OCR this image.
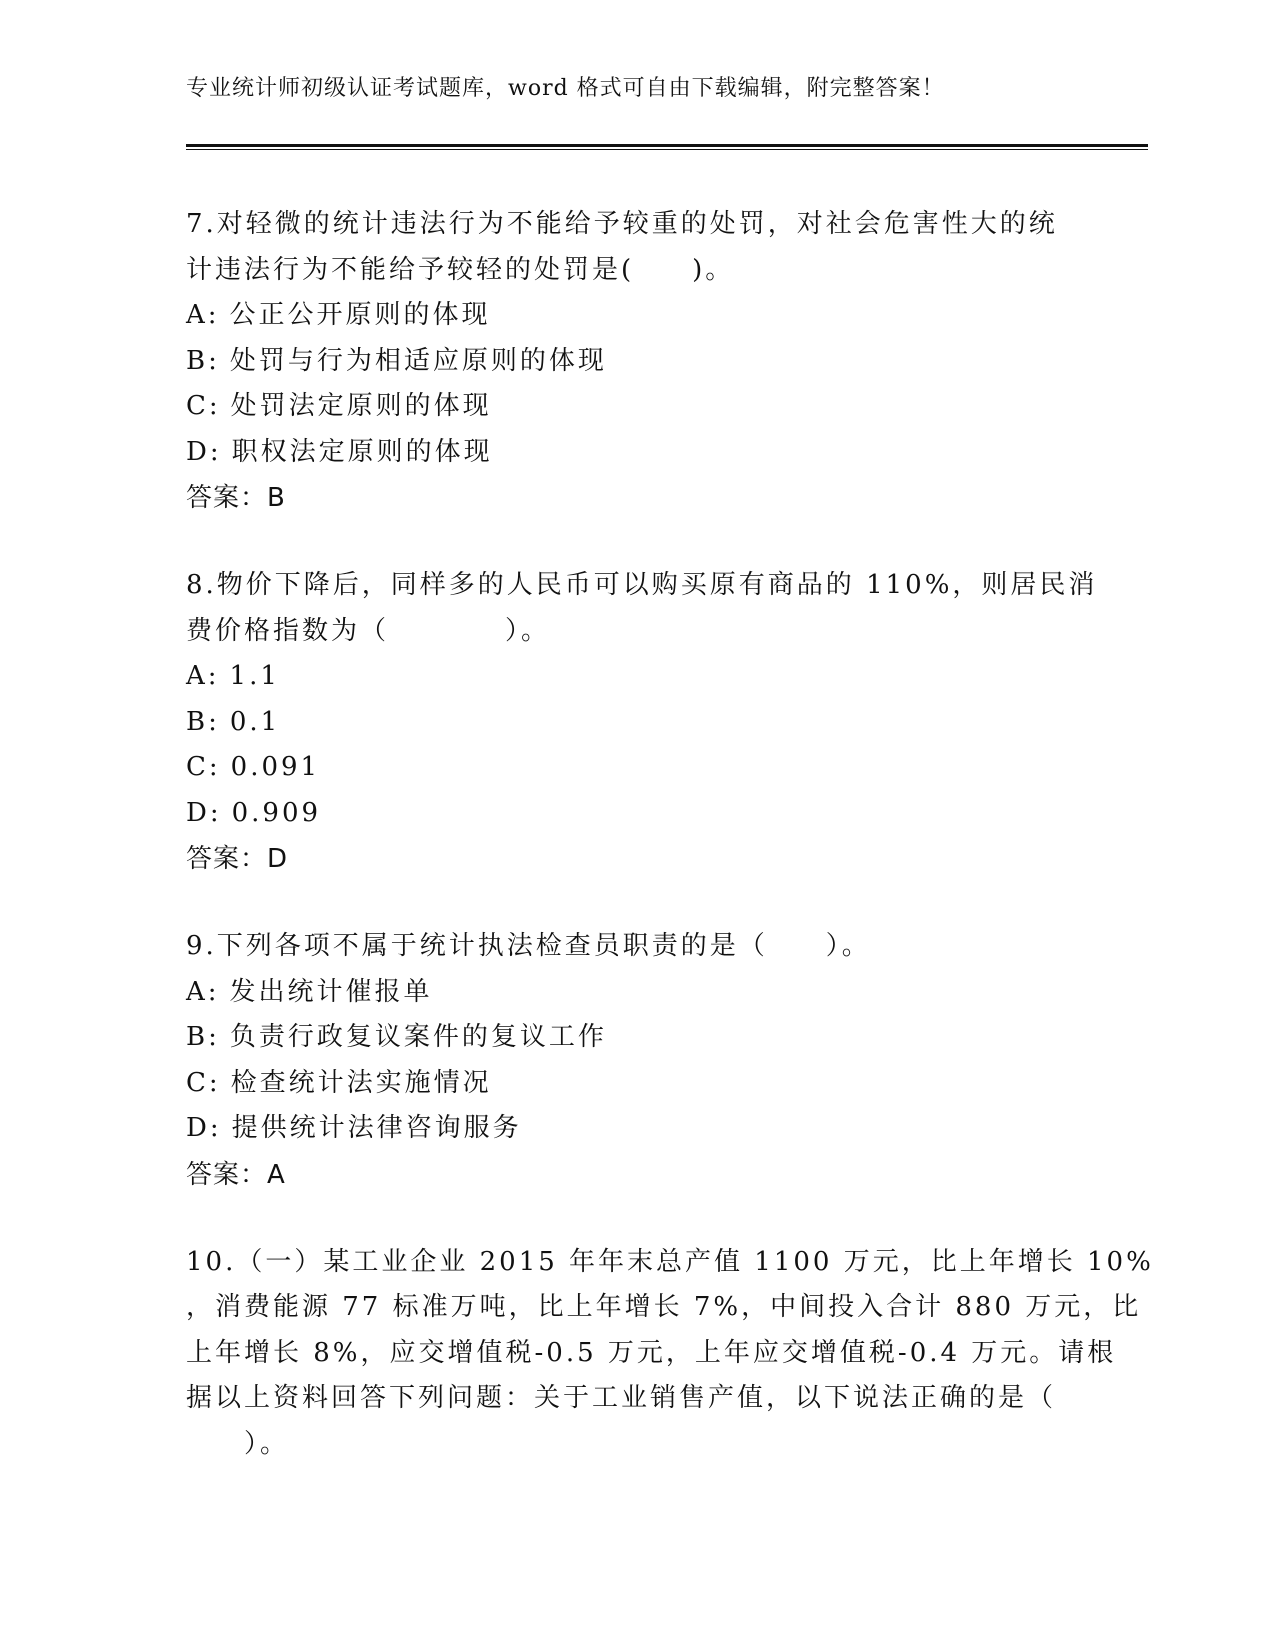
专业统计师初级认证考试题库，word 格式可自由下载编辑，附完整答案！
7.对轻微的统计违法行为不能给予较重的处罚，对社会危害性大的统
计违法行为不能给予较轻的处罚是(　　)。
A: 公正公开原则的体现
B: 处罚与行为相适应原则的体现
C: 处罚法定原则的体现
D: 职权法定原则的体现
答案：B
8.物价下降后，同样多的人民币可以购买原有商品的 110%，则居民消
费价格指数为（　　　　）。
A: 1.1
B: 0.1
C: 0.091
D: 0.909
答案：D
9.下列各项不属于统计执法检查员职责的是（　　）。
A: 发出统计催报单
B: 负责行政复议案件的复议工作
C: 检查统计法实施情况
D: 提供统计法律咨询服务
答案：A
10.（一）某工业企业 2015 年年末总产值 1100 万元，比上年增长 10%
，消费能源 77 标准万吨，比上年增长 7%，中间投入合计 880 万元，比
上年增长 8%，应交增值税-0.5 万元，上年应交增值税-0.4 万元。请根
据以上资料回答下列问题：关于工业销售产值，以下说法正确的是（
　　）。
